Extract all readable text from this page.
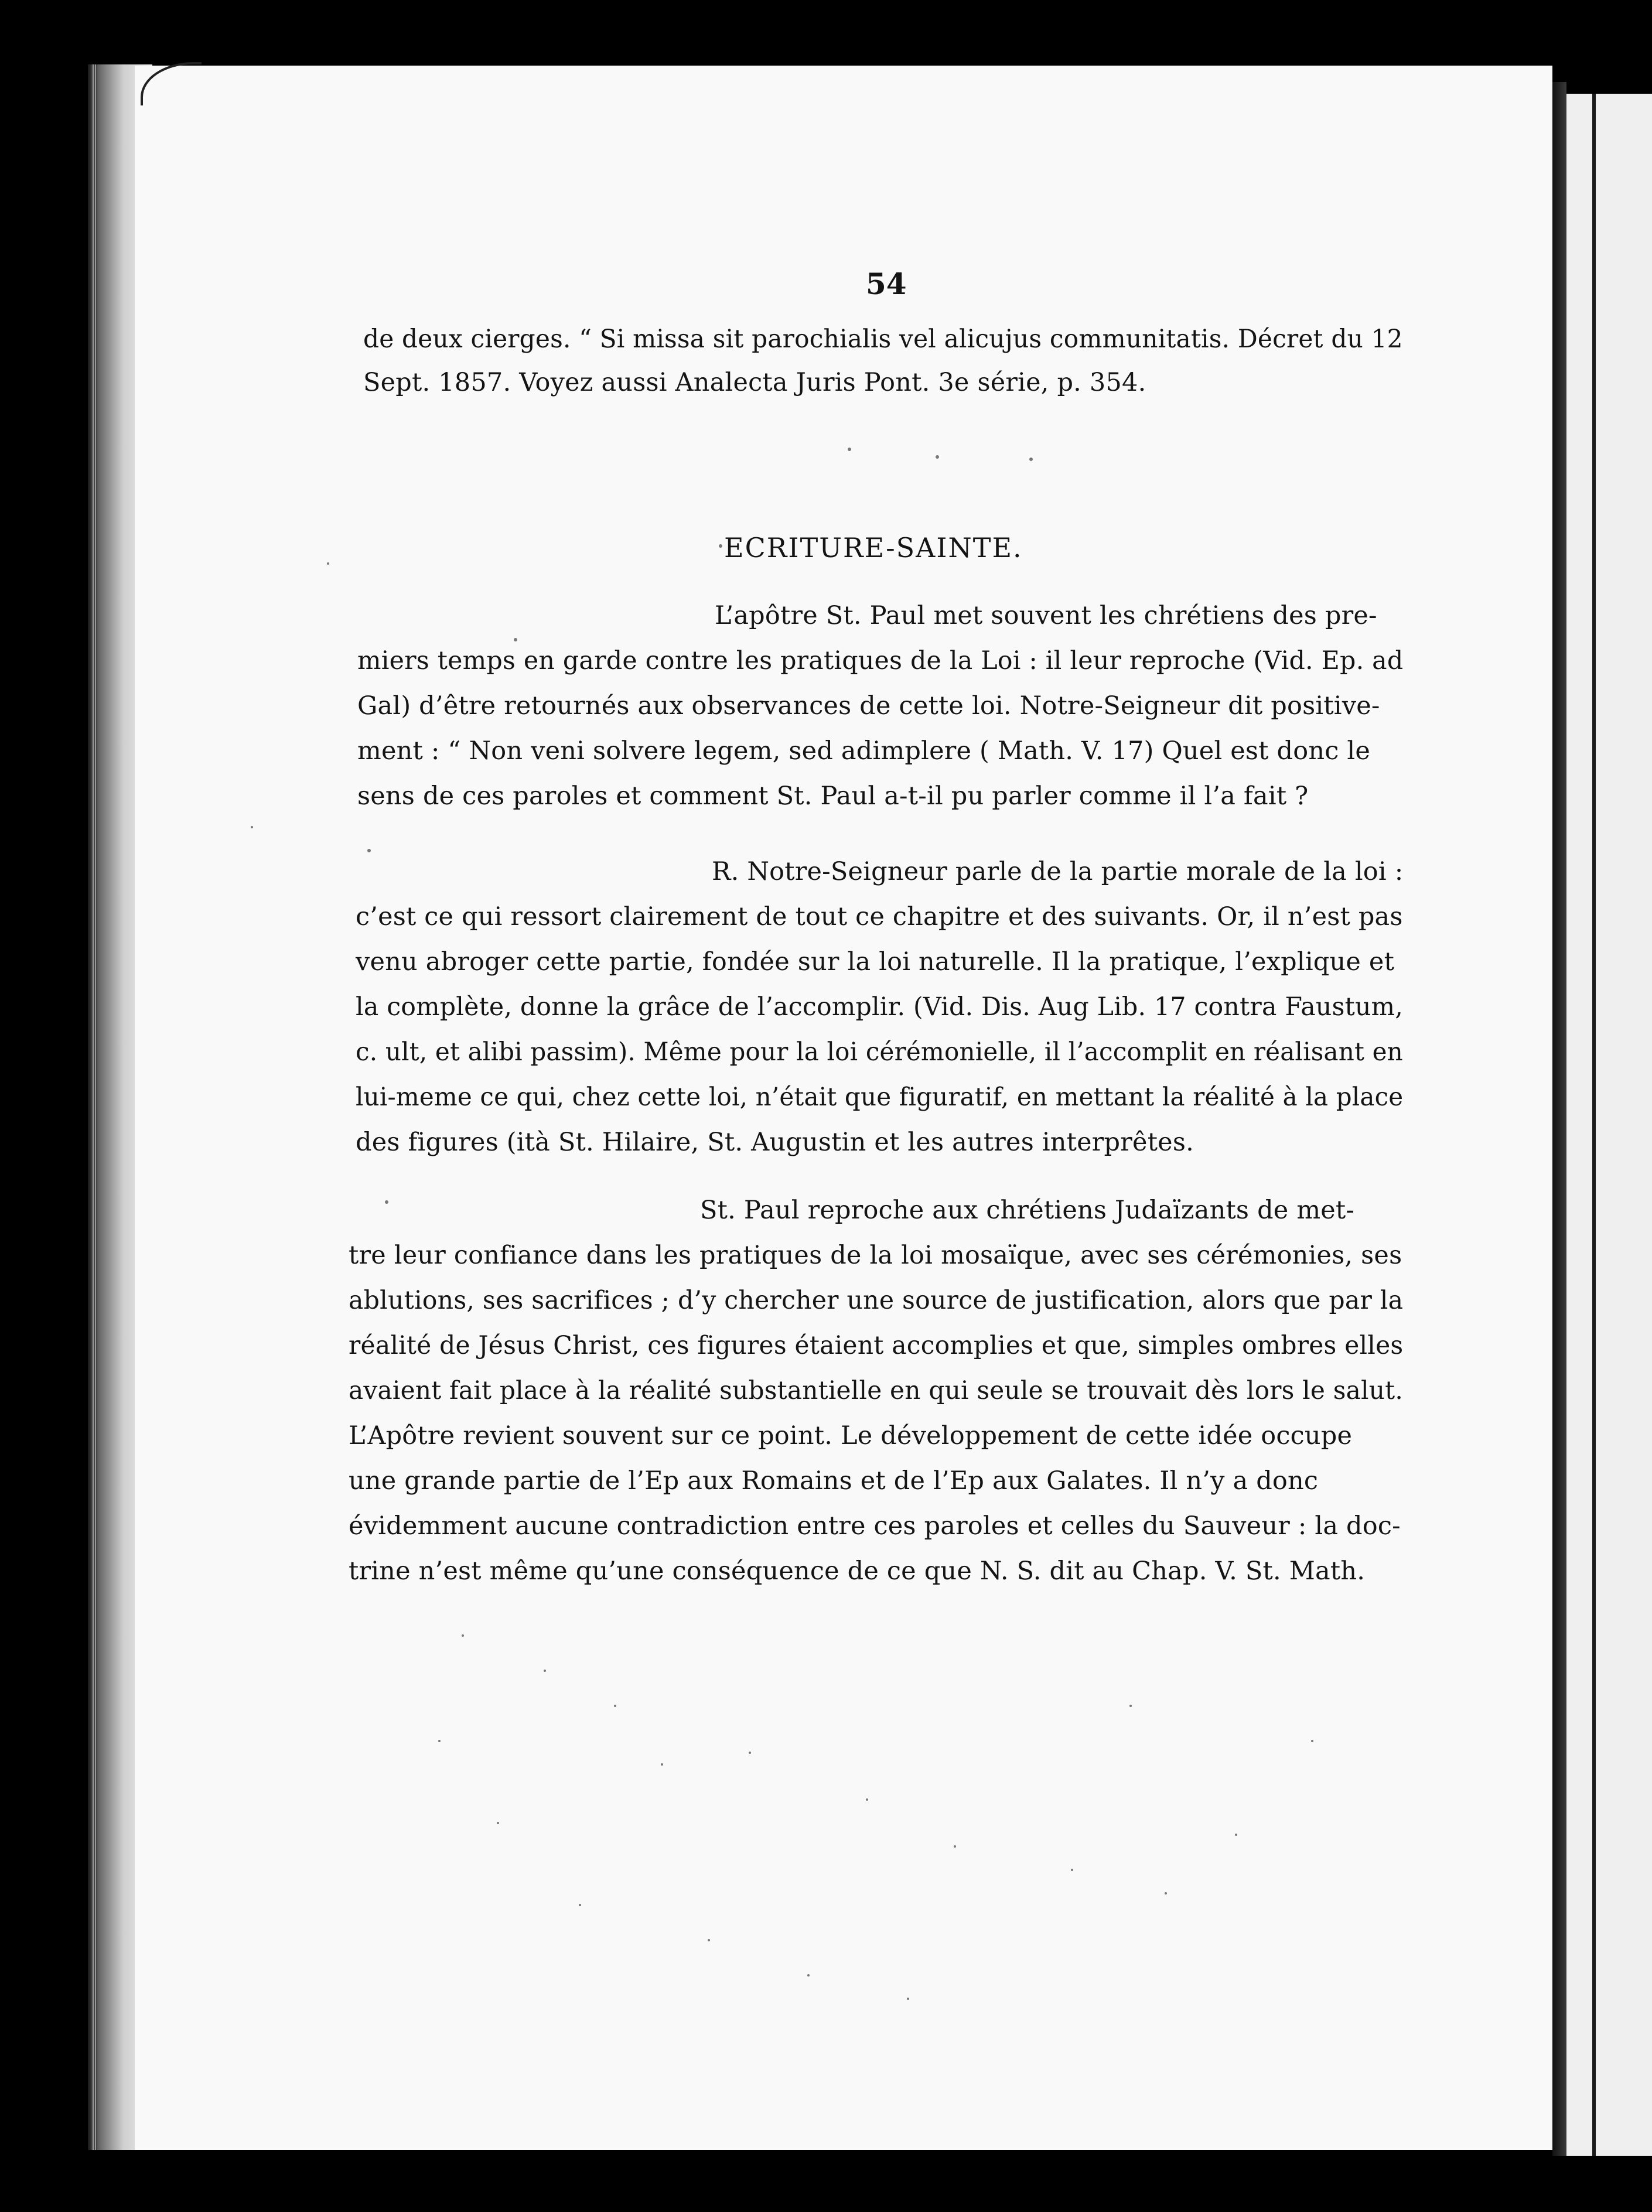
54
de deux cierges. “ Si missa sit parochialis vel alicujus communitatis. Décret du 12
Sept. 1857. Voyez aussi Analecta Juris Pont. 3e série, p. 354.
ECRITURE-SAINTE.
L’apôtre St. Paul met souvent les chrétiens des pre-
miers temps en garde contre les pratiques de la Loi : il leur reproche (Vid. Ep. ad
Gal) d’être retournés aux observances de cette loi. Notre-Seigneur dit positive-
ment : “ Non veni solvere legem, sed adimplere ( Math. V. 17) Quel est donc le
sens de ces paroles et comment St. Paul a-t-il pu parler comme il l’a fait ?
R. Notre-Seigneur parle de la partie morale de la loi :
c’est ce qui ressort clairement de tout ce chapitre et des suivants. Or, il n’est pas
venu abroger cette partie, fondée sur la loi naturelle. Il la pratique, l’explique et
la complète, donne la grâce de l’accomplir. (Vid. Dis. Aug Lib. 17 contra Faustum,
c. ult, et alibi passim). Même pour la loi cérémonielle, il l’accomplit en réalisant en
lui-meme ce qui, chez cette loi, n’était que figuratif, en mettant la réalité à la place
des figures (ità St. Hilaire, St. Augustin et les autres interprêtes.
St. Paul reproche aux chrétiens Judaïzants de met-
tre leur confiance dans les pratiques de la loi mosaïque, avec ses cérémonies, ses
ablutions, ses sacrifices ; d’y chercher une source de justification, alors que par la
réalité de Jésus Christ, ces figures étaient accomplies et que, simples ombres elles
avaient fait place à la réalité substantielle en qui seule se trouvait dès lors le salut.
L’Apôtre revient souvent sur ce point. Le développement de cette idée occupe
une grande partie de l’Ep aux Romains et de l’Ep aux Galates. Il n’y a donc
évidemment aucune contradiction entre ces paroles et celles du Sauveur : la doc-
trine n’est même qu’une conséquence de ce que N. S. dit au Chap. V. St. Math.
